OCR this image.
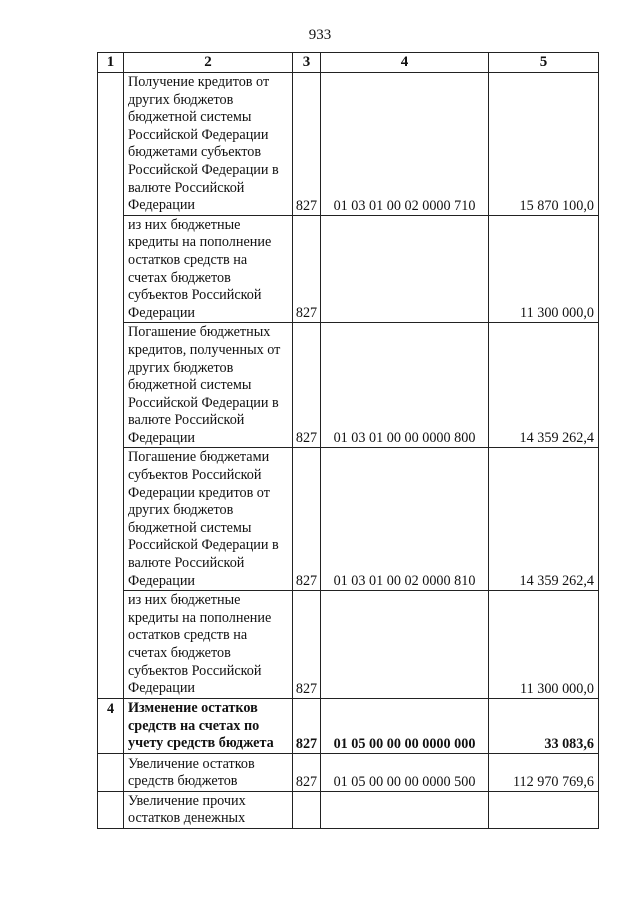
933
1	2	3	4	5
	Получение кредитов от других бюджетов бюджетной системы Российской Федерации бюджетами субъектов Российской Федерации в валюте Российской Федерации	827	01 03 01 00 02 0000 710	15 870 100,0
	из них бюджетные кредиты на пополнение остатков средств на счетах бюджетов субъектов Российской Федерации	827		11 300 000,0
	Погашение бюджетных кредитов, полученных от других бюджетов бюджетной системы Российской Федерации в валюте Российской Федерации	827	01 03 01 00 00 0000 800	14 359 262,4
	Погашение бюджетами субъектов Российской Федерации кредитов от других бюджетов бюджетной системы Российской Федерации в валюте Российской Федерации	827	01 03 01 00 02 0000 810	14 359 262,4
	из них бюджетные кредиты на пополнение остатков средств на счетах бюджетов субъектов Российской Федерации	827		11 300 000,0
4	Изменение остатков средств на счетах по учету средств бюджета	827	01 05 00 00 00 0000 000	33 083,6
	Увеличение остатков средств бюджетов	827	01 05 00 00 00 0000 500	112 970 769,6
	Увеличение прочих остатков денежных			
